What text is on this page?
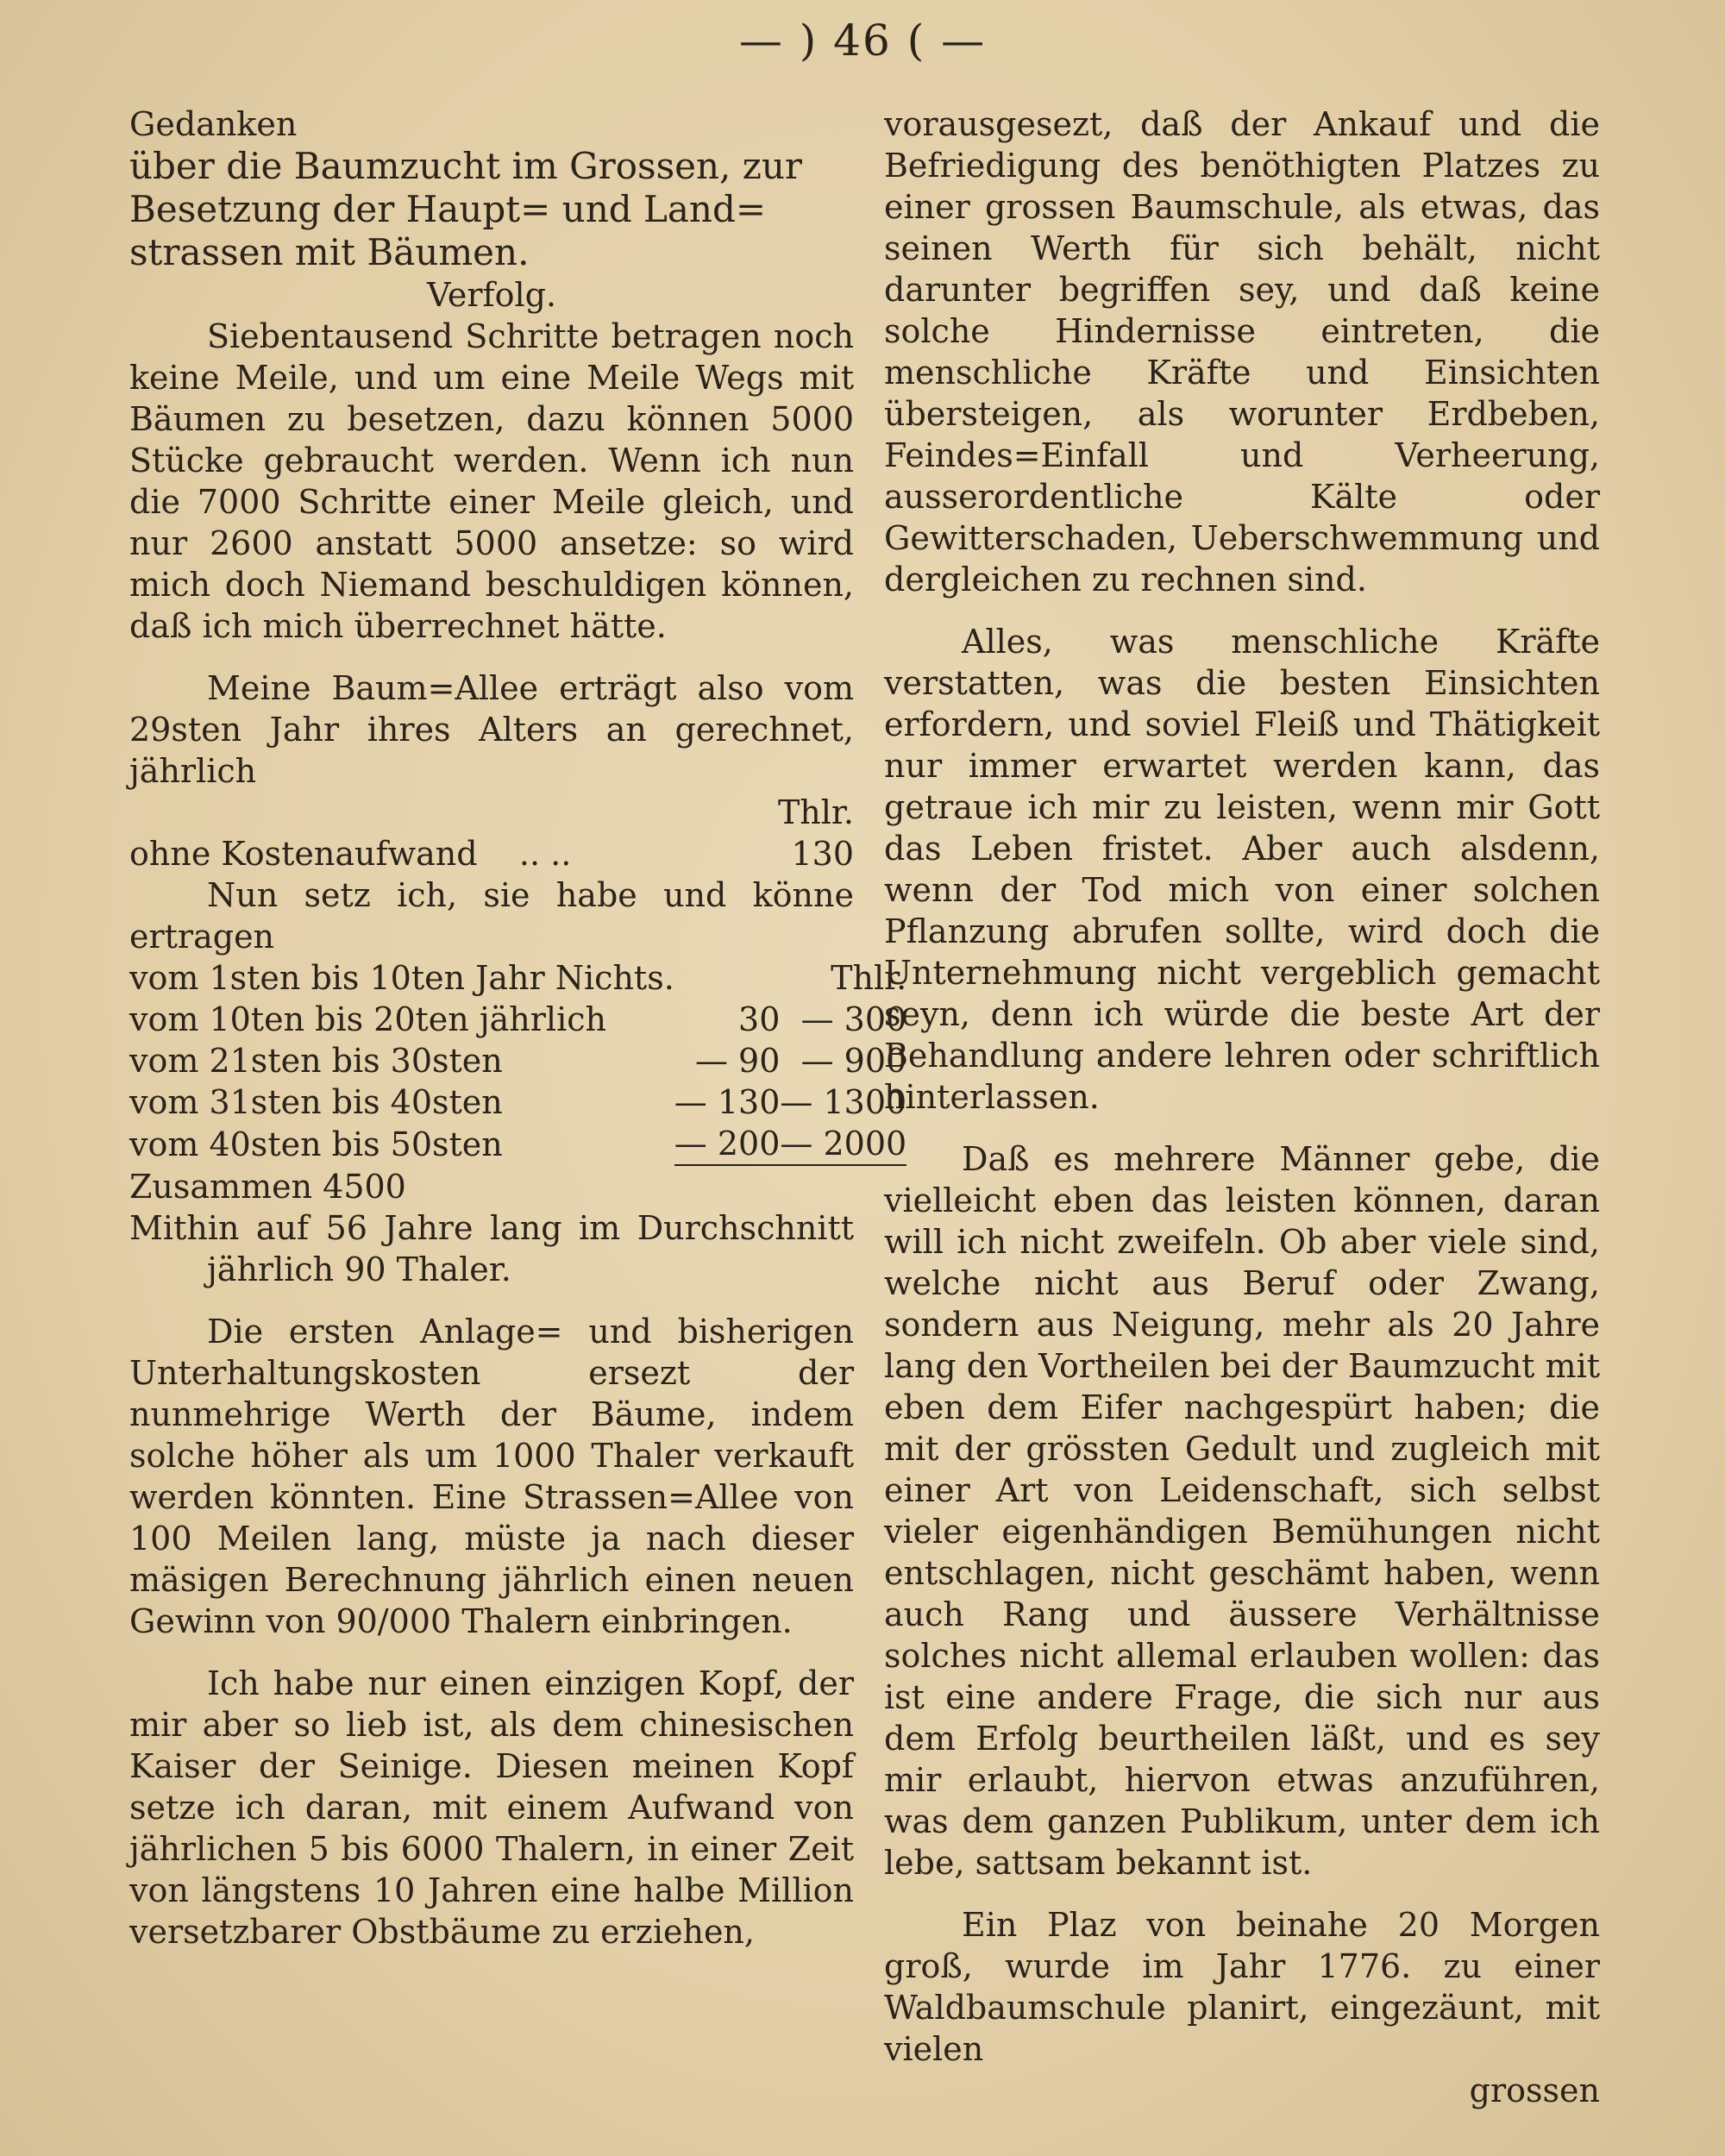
— ) 46 ( —

Gedanken

über die Baumzucht im Grossen, zur

Besetzung der Haupt= und Land=

strassen mit Bäumen.

Verfolg.

Siebentausend Schritte betragen noch keine Meile, und um eine Meile Wegs mit Bäumen zu besetzen, dazu können 5000 Stücke gebraucht werden. Wenn ich nun die 7000 Schritte einer Meile gleich, und nur 2600 anstatt 5000 ansetze: so wird mich doch Niemand beschuldigen können, daß ich mich überrechnet hätte.

Meine Baum=Allee erträgt also vom 29sten Jahr ihres Alters an gerechnet, jährlich

	Thlr.
ohne Kostenaufwand .. ..	130

Nun setz ich, sie habe und könne ertragen

vom 1sten bis 10ten Jahr Nichts.		Thlr.
vom 10ten bis 20ten jährlich	30	— 300
vom 21sten bis 30sten	— 90	— 900
vom 31sten bis 40sten	— 130	— 1300
vom 40sten bis 50sten	— 200	— 2000

Zusammen 4500

Mithin auf 56 Jahre lang im Durchschnitt jährlich 90 Thaler.

Die ersten Anlage= und bisherigen Unterhaltungskosten ersezt der nunmehrige Werth der Bäume, indem solche höher als um 1000 Thaler verkauft werden könnten. Eine Strassen=Allee von 100 Meilen lang, müste ja nach dieser mäsigen Berechnung jährlich einen neuen Gewinn von 90/000 Thalern einbringen.

Ich habe nur einen einzigen Kopf, der mir aber so lieb ist, als dem chinesischen Kaiser der Seinige. Diesen meinen Kopf setze ich daran, mit einem Aufwand von jährlichen 5 bis 6000 Thalern, in einer Zeit von längstens 10 Jahren eine halbe Million versetzbarer Obstbäume zu erziehen,

vorausgesezt, daß der Ankauf und die Befriedigung des benöthigten Platzes zu einer grossen Baumschule, als etwas, das seinen Werth für sich behält, nicht darunter begriffen sey, und daß keine solche Hindernisse eintreten, die menschliche Kräfte und Einsichten übersteigen, als worunter Erdbeben, Feindes=Einfall und Verheerung, ausserordentliche Kälte oder Gewitterschaden, Ueberschwemmung und dergleichen zu rechnen sind.

Alles, was menschliche Kräfte verstatten, was die besten Einsichten erfordern, und soviel Fleiß und Thätigkeit nur immer erwartet werden kann, das getraue ich mir zu leisten, wenn mir Gott das Leben fristet. Aber auch alsdenn, wenn der Tod mich von einer solchen Pflanzung abrufen sollte, wird doch die Unternehmung nicht vergeblich gemacht seyn, denn ich würde die beste Art der Behandlung andere lehren oder schriftlich hinterlassen.

Daß es mehrere Männer gebe, die vielleicht eben das leisten können, daran will ich nicht zweifeln. Ob aber viele sind, welche nicht aus Beruf oder Zwang, sondern aus Neigung, mehr als 20 Jahre lang den Vortheilen bei der Baumzucht mit eben dem Eifer nachgespürt haben; die mit der grössten Gedult und zugleich mit einer Art von Leidenschaft, sich selbst vieler eigenhändigen Bemühungen nicht entschlagen, nicht geschämt haben, wenn auch Rang und äussere Verhältnisse solches nicht allemal erlauben wollen: das ist eine andere Frage, die sich nur aus dem Erfolg beurtheilen läßt, und es sey mir erlaubt, hiervon etwas anzuführen, was dem ganzen Publikum, unter dem ich lebe, sattsam bekannt ist.

Ein Plaz von beinahe 20 Morgen groß, wurde im Jahr 1776. zu einer Waldbaumschule planirt, eingezäunt, mit vielen

grossen
